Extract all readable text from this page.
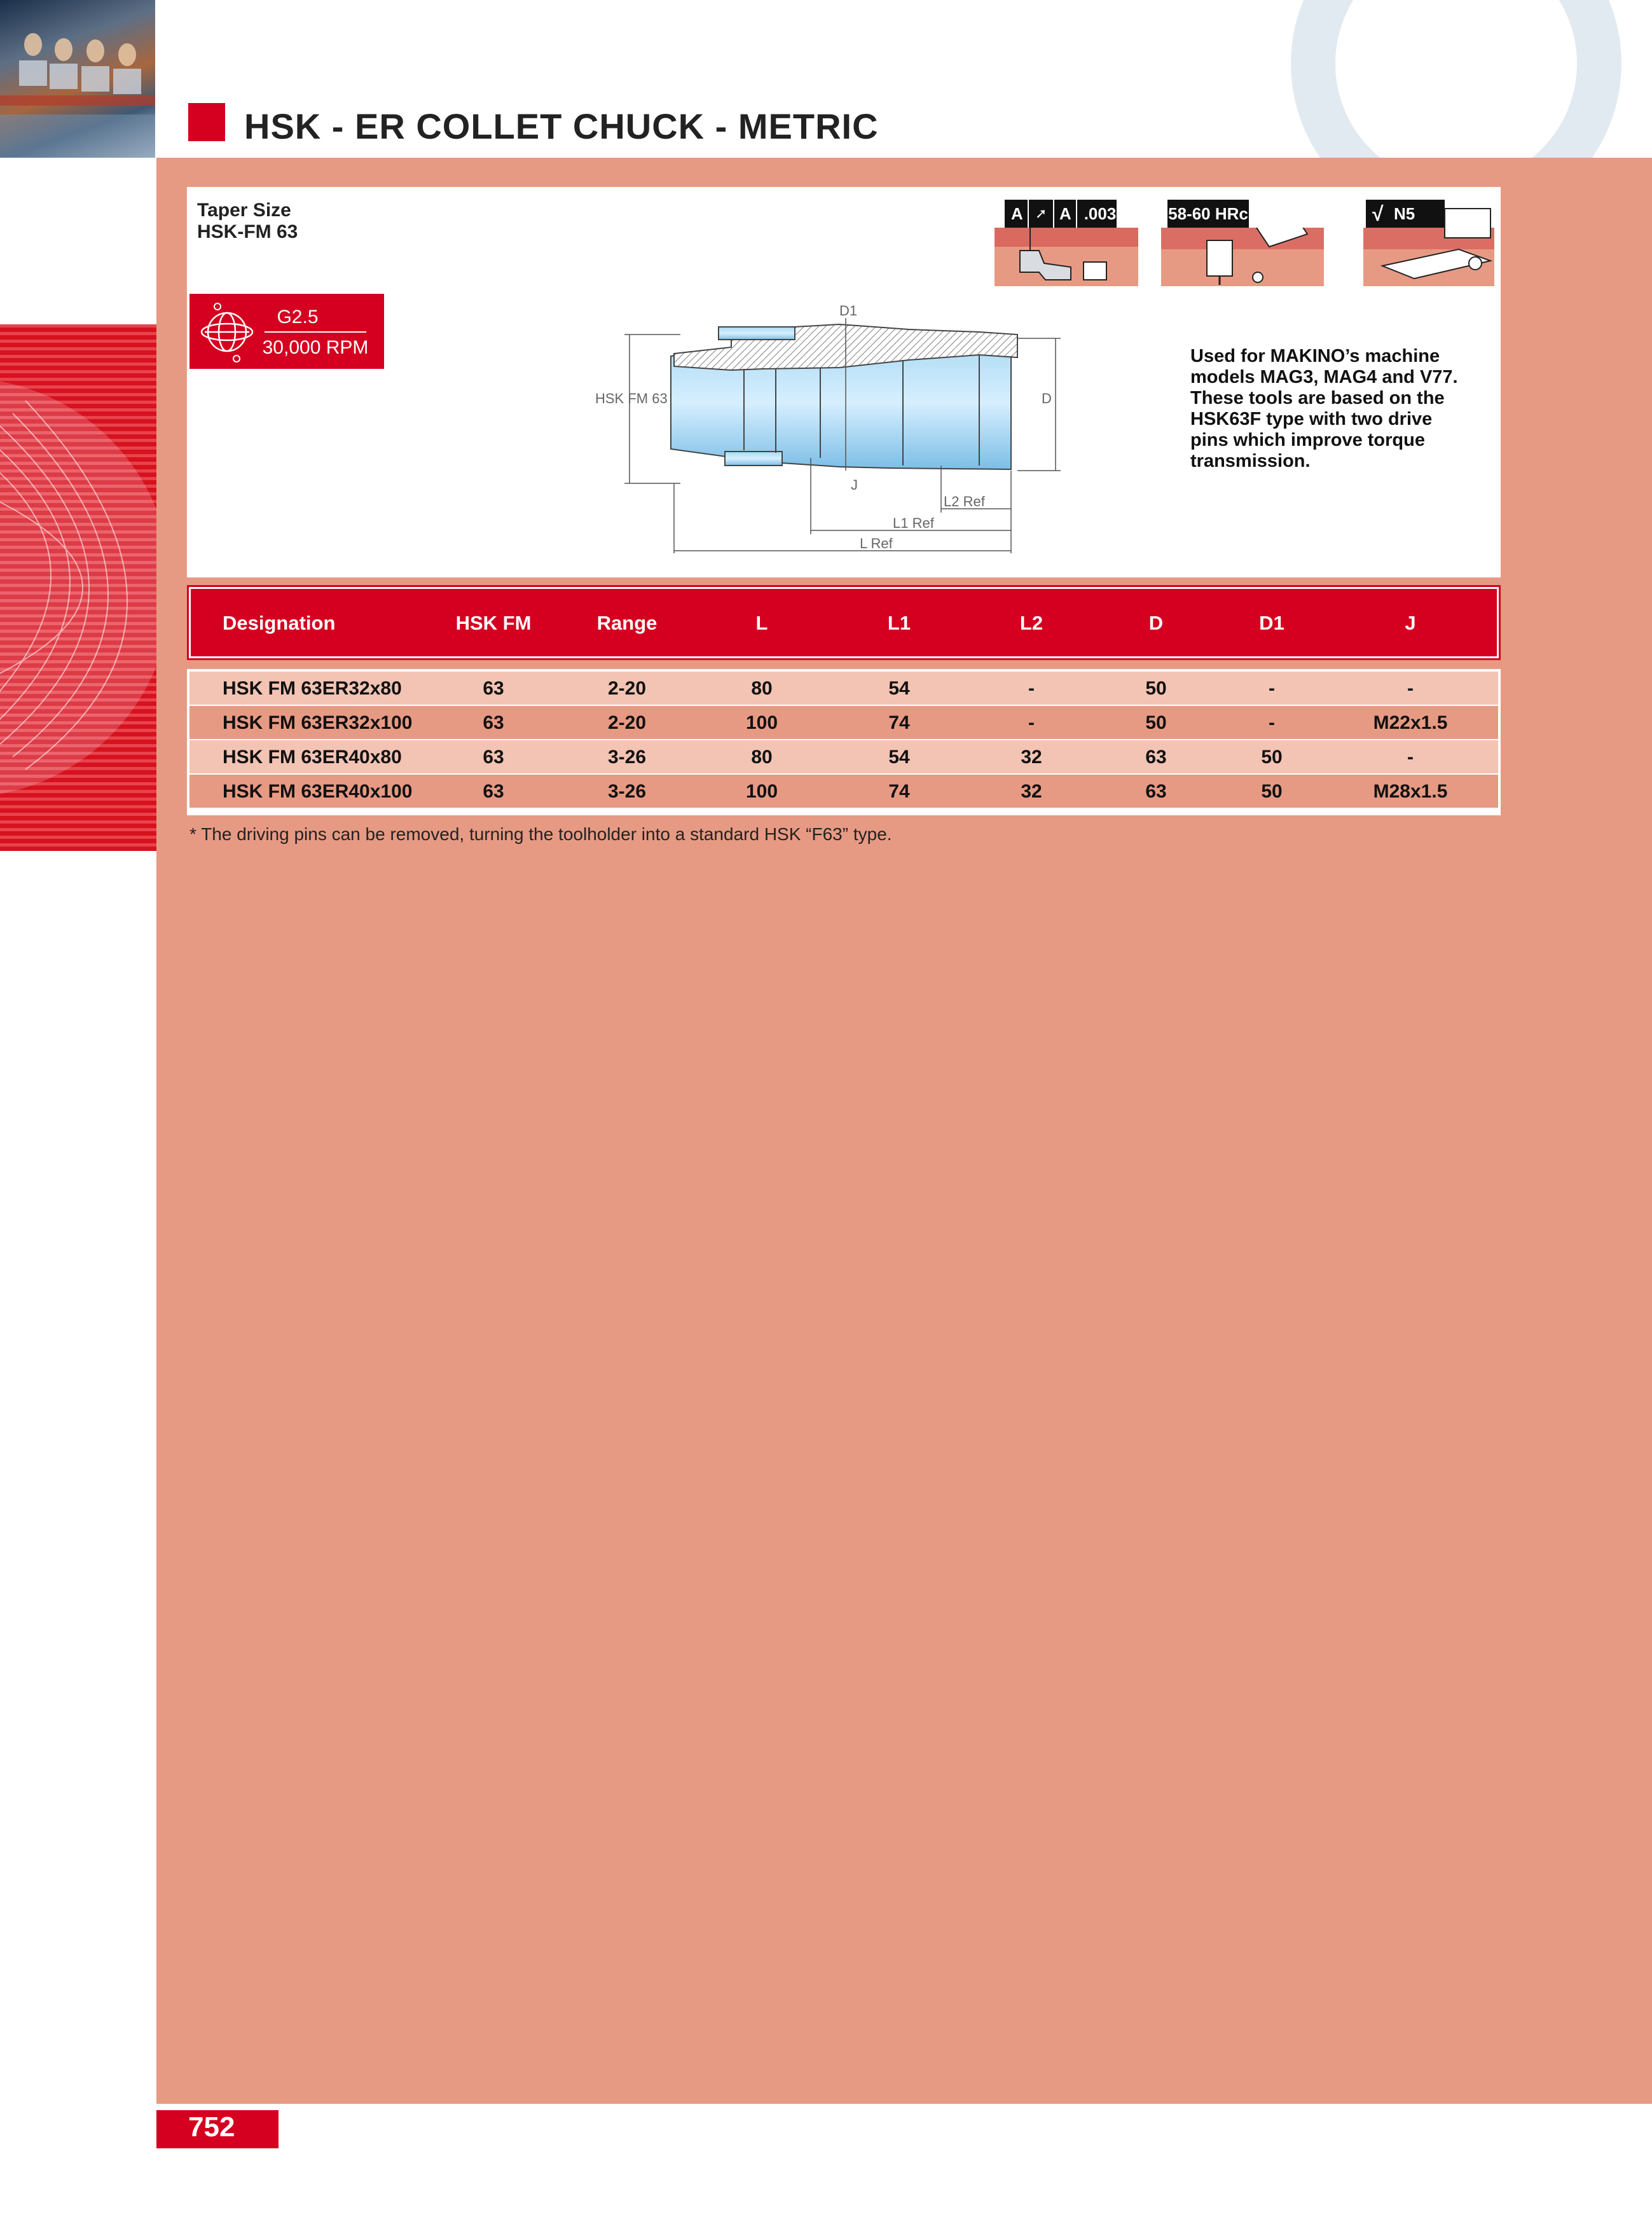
HSK - ER COLLET CHUCK - METRIC
Taper Size
HSK-FM 63
G2.5
30,000 RPM
A ➚ A .003	58-60 HRc	√ N5
HSK FM 63
D1
D
J
L2 Ref
L1 Ref
L Ref
Used for MAKINO’s machine models MAG3, MAG4 and V77. These tools are based on the HSK63F type with two drive pins which improve torque transmission.
Designation	HSK FM	Range	L	L1	L2	D	D1	J
HSK FM 63ER32x80	63	2-20	80	54	-	50	-	-
HSK FM 63ER32x100	63	2-20	100	74	-	50	-	M22x1.5
HSK FM 63ER40x80	63	3-26	80	54	32	63	50	-
HSK FM 63ER40x100	63	3-26	100	74	32	63	50	M28x1.5
* The driving pins can be removed, turning the toolholder into a standard HSK “F63” type.
752
